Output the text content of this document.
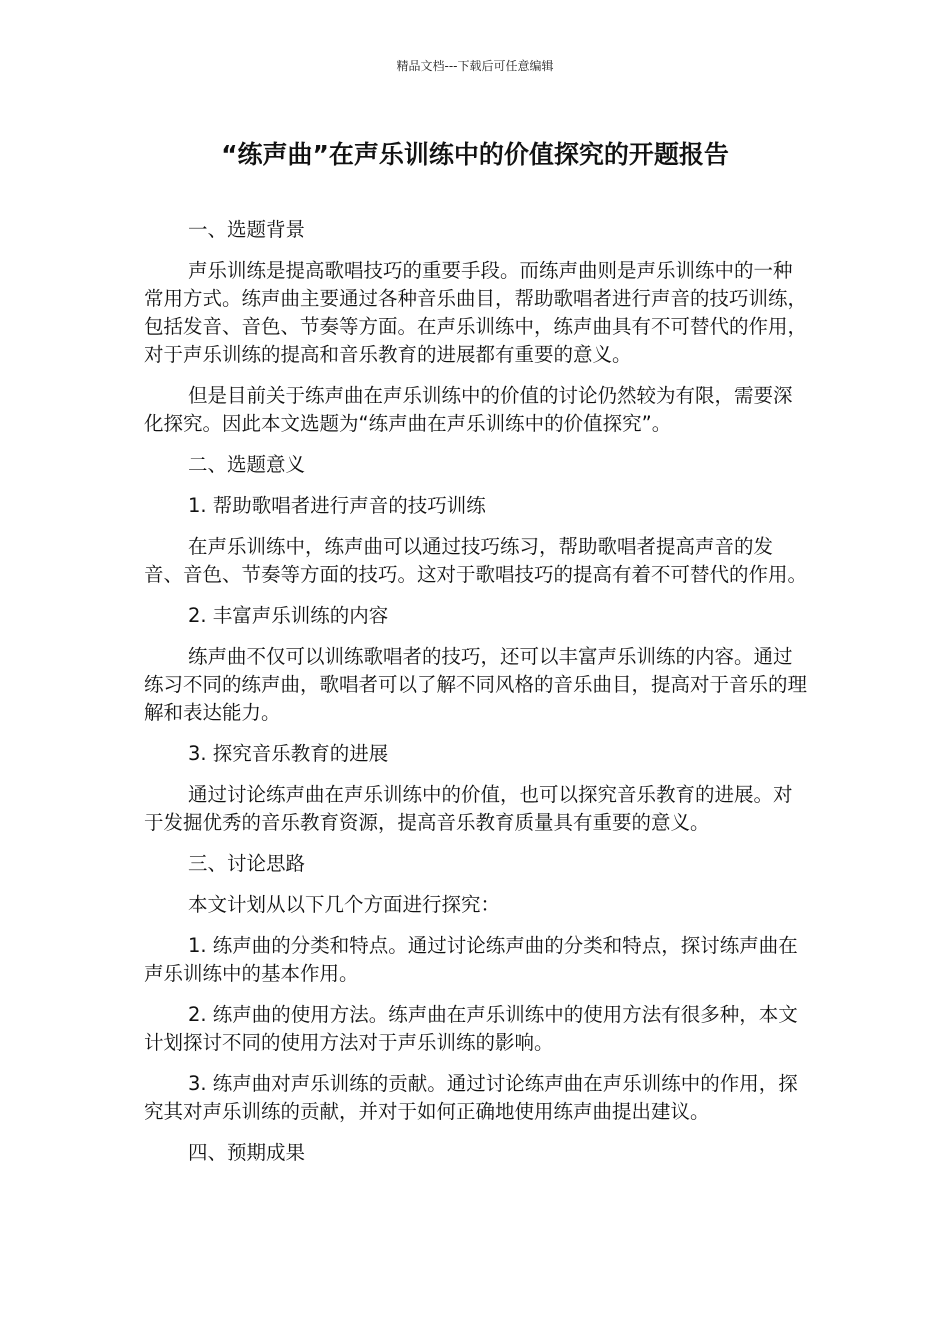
精品文档---下载后可任意编辑
“练声曲”在声乐训练中的价值探究的开题报告

一、选题背景

声乐训练是提高歌唱技巧的重要手段。而练声曲则是声乐训练中的一种常用方式。练声曲主要通过各种音乐曲目，帮助歌唱者进行声音的技巧训练，包括发音、音色、节奏等方面。在声乐训练中，练声曲具有不可替代的作用，对于声乐训练的提高和音乐教育的进展都有重要的意义。

但是目前关于练声曲在声乐训练中的价值的讨论仍然较为有限，需要深化探究。因此本文选题为“练声曲在声乐训练中的价值探究”。

二、选题意义

1. 帮助歌唱者进行声音的技巧训练

在声乐训练中，练声曲可以通过技巧练习，帮助歌唱者提高声音的发音、音色、节奏等方面的技巧。这对于歌唱技巧的提高有着不可替代的作用。

2. 丰富声乐训练的内容

练声曲不仅可以训练歌唱者的技巧，还可以丰富声乐训练的内容。通过练习不同的练声曲，歌唱者可以了解不同风格的音乐曲目，提高对于音乐的理解和表达能力。

3. 探究音乐教育的进展

通过讨论练声曲在声乐训练中的价值，也可以探究音乐教育的进展。对于发掘优秀的音乐教育资源，提高音乐教育质量具有重要的意义。

三、讨论思路

本文计划从以下几个方面进行探究：

1. 练声曲的分类和特点。通过讨论练声曲的分类和特点，探讨练声曲在声乐训练中的基本作用。

2. 练声曲的使用方法。练声曲在声乐训练中的使用方法有很多种，本文计划探讨不同的使用方法对于声乐训练的影响。

3. 练声曲对声乐训练的贡献。通过讨论练声曲在声乐训练中的作用，探究其对声乐训练的贡献，并对于如何正确地使用练声曲提出建议。

四、预期成果
